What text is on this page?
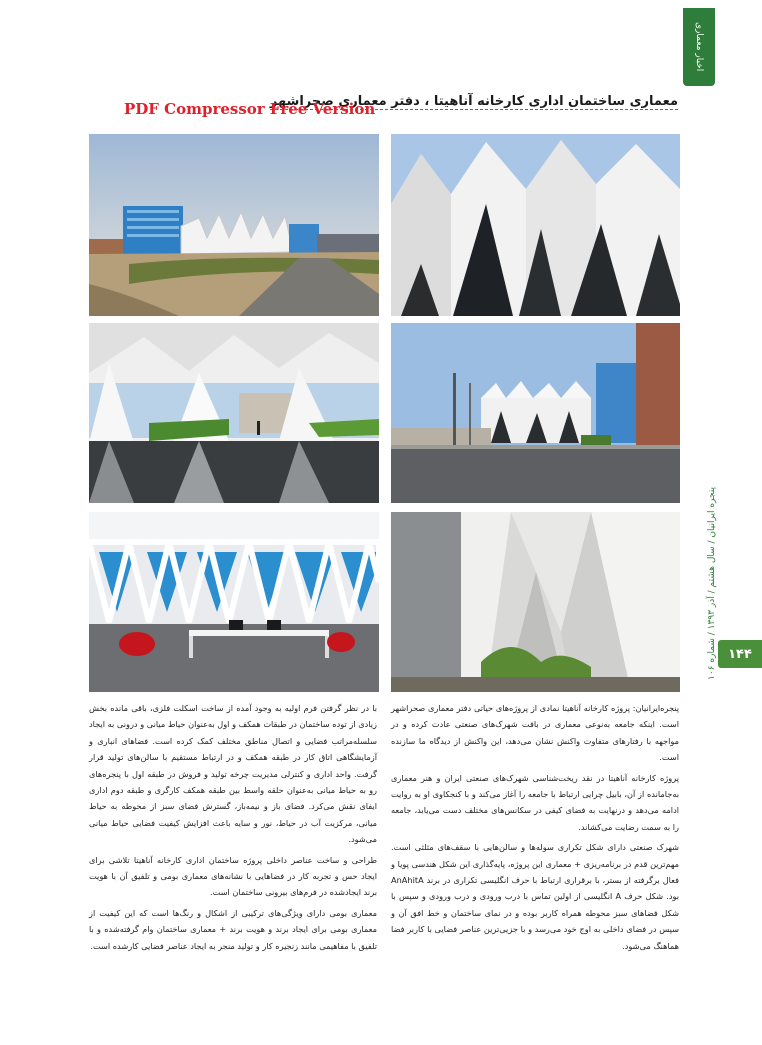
اخبار معماری
معماری ساختمان اداری کارخانه آناهیتا ، دفتر معماری صحراشهر
PDF Compressor Free Version
پنجره ایرانیان / سال هشتم / آذر ۱۳۹۳ / شماره ۱۰۶
۱۴۴

پنجره‌ایرانیان: پروژه کارخانه آناهیتا نمادی از پروژه‌های حیاتی دفتر معماری صحراشهر است. اینکه جامعه به‌نوعی معماری در بافت شهرک‌های صنعتی عادت کرده و در مواجهه با رفتارهای متفاوت واکنش نشان می‌دهد، این واکنش از دیدگاه ما سازنده است.

پروژه کارخانه آناهیتا در نقد ریخت‌شناسی شهرک‌های صنعتی ایران و هنر معماری به‌جامانده از آن، بابیل چرایی ارتباط با جامعه را آغاز می‌کند و با کنجکاوی او به روایت ادامه می‌دهد و درنهایت به فضای کیفی در سکانس‌های مختلف دست می‌یابد، جامعه را به سمت رضایت می‌کشاند.

شهرک صنعتی دارای شکل تکراری سوله‌ها و سالن‌هایی با سقف‌های مثلثی است. مهم‌ترین قدم در برنامه‌ریزی + معماری این پروژه، پایه‌گذاری این شکل هندسی پویا و فعال برگرفته از بستر، با برقراری ارتباط با حرف انگلیسی تکراری در برند AnAhitA بود. شکل حرف A انگلیسی از اولین تماس با درب ورودی و درب ورودی و سپس با شکل فضاهای سبز محوطه همراه کاربر بوده و در نمای ساختمان و خط افق آن و سپس در فضای داخلی به اوج خود می‌رسد و با جزیی‌ترین عناصر فضایی با کاربر فضا هماهنگ می‌شود.

با در نظر گرفتن فرم اولیه به وجود آمده از ساخت اسکلت فلزی، باقی مانده بخش زیادی از توده ساختمان در طبقات همکف و اول به‌عنوان حیاط میانی و درونی به ایجاد سلسله‌مراتب فضایی و اتصال مناطق مختلف کمک کرده است. فضاهای انباری و آزمایشگاهی اتاق کار در طبقه همکف و در ارتباط مستقیم با سالن‌های تولید قرار گرفت. واحد اداری و کنترلی مدیریت چرخه تولید و فروش در طبقه اول با پنجره‌های رو به حیاط میانی به‌عنوان حلقه واسط بین طبقه همکف کارگری و طبقه دوم اداری ایفای نقش می‌کرد. فضای باز و نیمه‌باز، گسترش فضای سبز از محوطه به حیاط میانی، مرکزیت آب در حیاط، نور و سایه باعث افزایش کیفیت فضایی حیاط میانی می‌شود.

طراحی و ساخت عناصر داخلی پروژه ساختمان اداری کارخانه آناهیتا تلاشی برای ایجاد حس و تجربه کار در فضاهایی با نشانه‌های معماری بومی و تلفیق آن با هویت برند ایجادشده در فرم‌های بیرونی ساختمان است.

معماری بومی دارای ویژگی‌های ترکیبی از اشکال و رنگ‌ها است که این کیفیت از معماری بومی برای ایجاد برند و هویت برند + معماری ساختمان وام گرفته‌شده و با تلفیق با مفاهیمی مانند زنجیره کار و تولید منجر به ایجاد عناصر فضایی کارشده است.
